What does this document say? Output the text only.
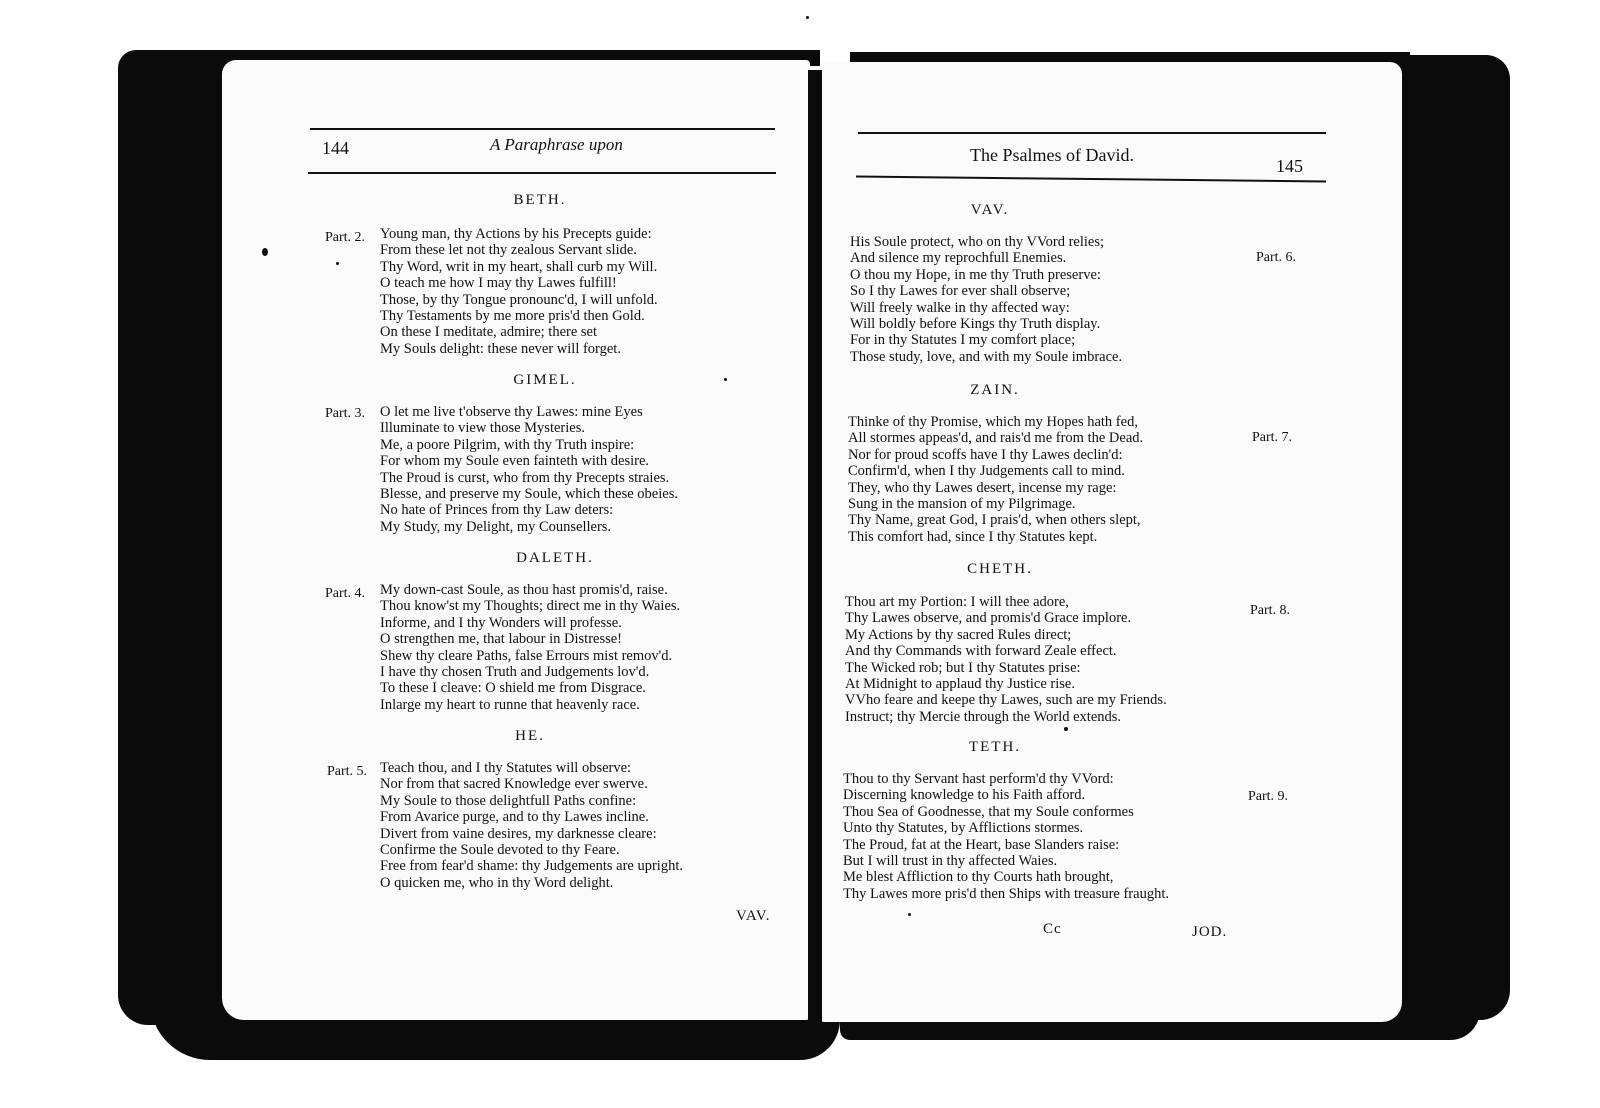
144	A Paraphrase upon
BETH.
Part. 2. Young man, thy Actions by his Precepts guide:
From these let not thy zealous Servant slide.
Thy Word, writ in my heart, shall curb my Will.
O teach me how I may thy Lawes fulfill!
Those, by thy Tongue pronounc'd, I will unfold.
Thy Testaments by me more pris'd then Gold.
On these I meditate, admire; there set
My Souls delight: these never will forget.
GIMEL.
Part. 3. O let me live t'observe thy Lawes: mine Eyes
Illuminate to view those Mysteries.
Me, a poore Pilgrim, with thy Truth inspire:
For whom my Soule even fainteth with desire.
The Proud is curst, who from thy Precepts straies.
Blesse, and preserve my Soule, which these obeies.
No hate of Princes from thy Law deters:
My Study, my Delight, my Counsellers.
DALETH.
Part. 4. My down-cast Soule, as thou hast promis'd, raise.
Thou know'st my Thoughts; direct me in thy Waies.
Informe, and I thy Wonders will professe.
O strengthen me, that labour in Distresse!
Shew thy cleare Paths, false Errours mist remov'd.
I have thy chosen Truth and Judgements lov'd.
To these I cleave: O shield me from Disgrace.
Inlarge my heart to runne that heavenly race.
HE.
Part. 5. Teach thou, and I thy Statutes will observe:
Nor from that sacred Knowledge ever swerve.
My Soule to those delightfull Paths confine:
From Avarice purge, and to thy Lawes incline.
Divert from vaine desires, my darknesse cleare:
Confirme the Soule devoted to thy Feare.
Free from fear'd shame: thy Judgements are upright.
O quicken me, who in thy Word delight.
VAV.
The Psalmes of David.
145
VAV.
Part. 6.
His Soule protect, who on thy VVord relies;
And silence my reprochfull Enemies.
O thou my Hope, in me thy Truth preserve:
So I thy Lawes for ever shall observe;
Will freely walke in thy affected way:
Will boldly before Kings thy Truth display.
For in thy Statutes I my comfort place;
Those study, love, and with my Soule imbrace.
ZAIN.
Part. 7.
Thinke of thy Promise, which my Hopes hath fed,
All stormes appeas'd, and rais'd me from the Dead.
Nor for proud scoffs have I thy Lawes declin'd:
Confirm'd, when I thy Judgements call to mind.
They, who thy Lawes desert, incense my rage:
Sung in the mansion of my Pilgrimage.
Thy Name, great God, I prais'd, when others slept,
This comfort had, since I thy Statutes kept.
CHETH.
Part. 8.
Thou art my Portion: I will thee adore,
Thy Lawes observe, and promis'd Grace implore.
My Actions by thy sacred Rules direct;
And thy Commands with forward Zeale effect.
The Wicked rob; but I thy Statutes prise:
At Midnight to applaud thy Justice rise.
VVho feare and keepe thy Lawes, such are my Friends.
Instruct; thy Mercie through the World extends.
TETH.
Part. 9.
Thou to thy Servant hast perform'd thy VVord:
Discerning knowledge to his Faith afford.
Thou Sea of Goodnesse, that my Soule conformes
Unto thy Statutes, by Afflictions stormes.
The Proud, fat at the Heart, base Slanders raise:
But I will trust in thy affected Waies.
Me blest Affliction to thy Courts hath brought,
Thy Lawes more pris'd then Ships with treasure fraught.
Cc	JOD.
